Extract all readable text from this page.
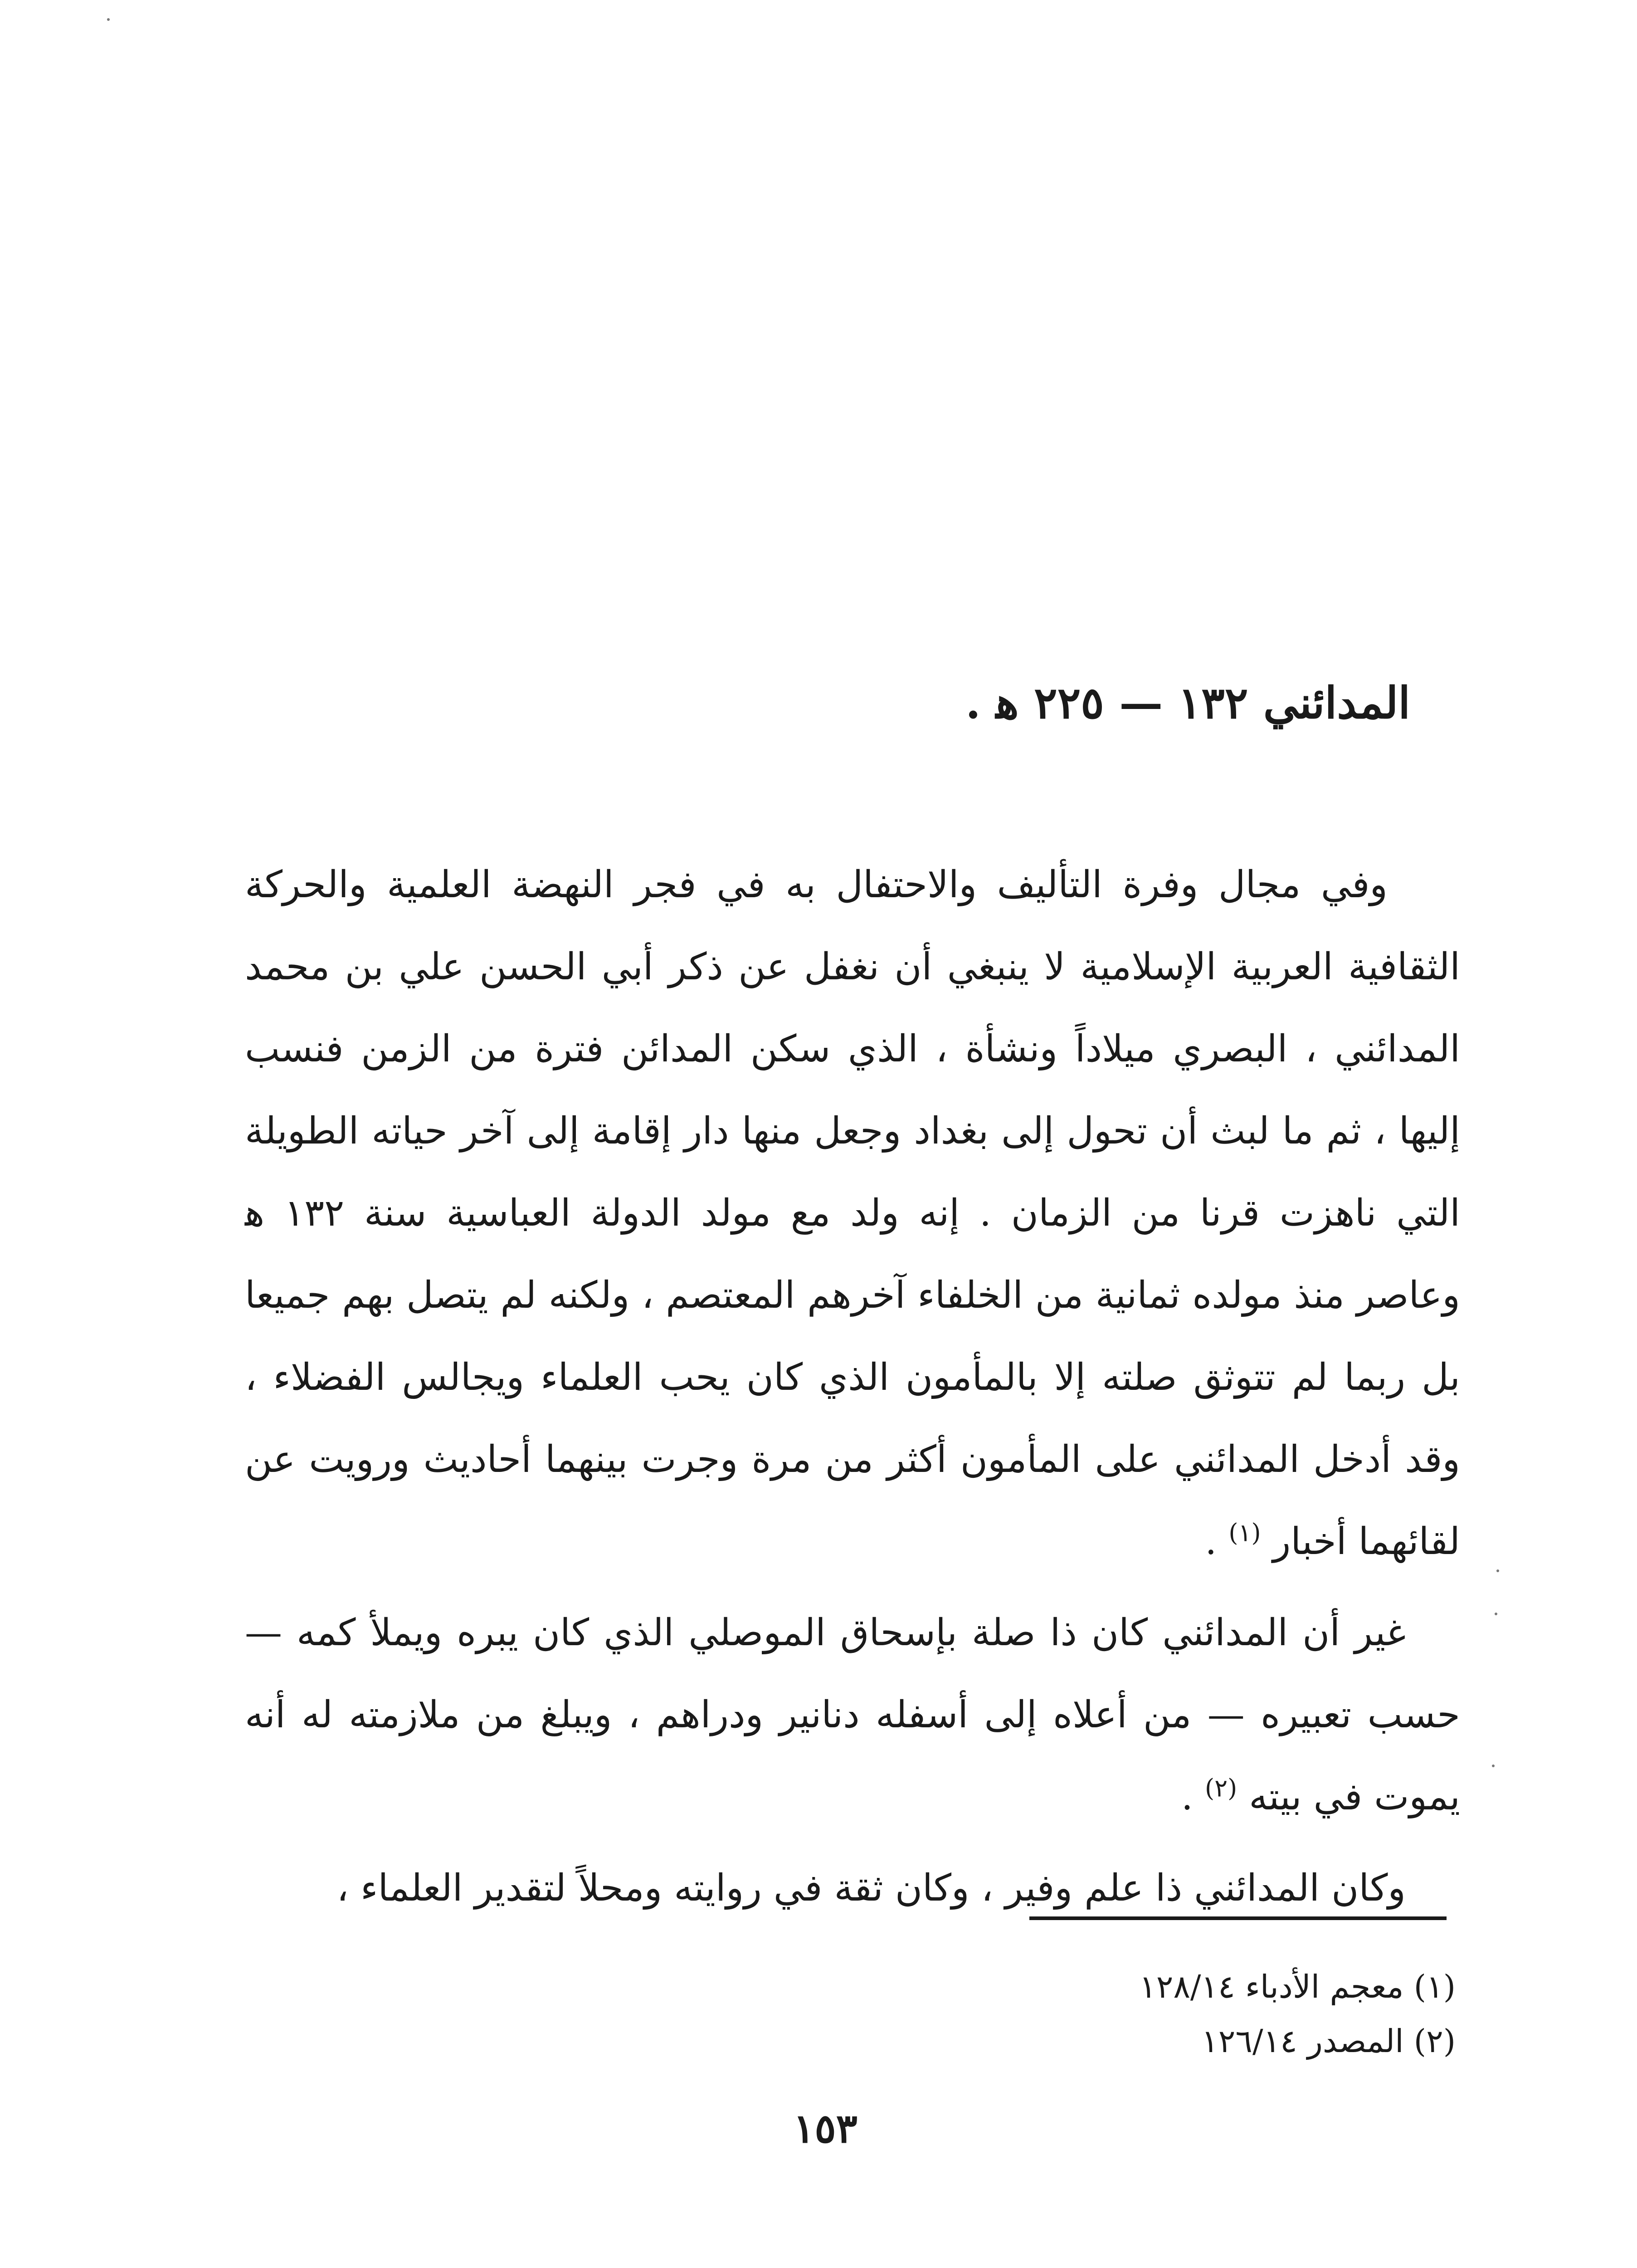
المدائني ١٣٢ — ٢٢٥ ﻫ .

وفي مجال وفرة التأليف والاحتفال به في فجر النهضة العلمية والحركة الثقافية العربية الإسلامية لا ينبغي أن نغفل عن ذكر أبي الحسن علي بن محمد المدائني ، البصري ميلاداً ونشأة ، الذي سكن المدائن فترة من الزمن فنسب إليها ، ثم ما لبث أن تحول إلى بغداد وجعل منها دار إقامة إلى آخر حياته الطويلة التي ناهزت قرنا من الزمان . إنه ولد مع مولد الدولة العباسية سنة ١٣٢ ﻫ وعاصر منذ مولده ثمانية من الخلفاء آخرهم المعتصم ، ولكنه لم يتصل بهم جميعا بل ربما لم تتوثق صلته إلا بالمأمون الذي كان يحب العلماء ويجالس الفضلاء ، وقد أدخل المدائني على المأمون أكثر من مرة وجرت بينهما أحاديث ورويت عن لقائهما أخبار $^{(١)}$ .

غير أن المدائني كان ذا صلة بإسحاق الموصلي الذي كان يبره ويملأ كمه — حسب تعبيره — من أعلاه إلى أسفله دنانير ودراهم ، ويبلغ من ملازمته له أنه يموت في بيته $^{(٢)}$ .

وكان المدائني ذا علم وفير ، وكان ثقة في روايته ومحلاً لتقدير العلماء ،

(١) معجم الأدباء ١٢٨/١٤
(٢) المصدر ١٢٦/١٤
١٥٣
